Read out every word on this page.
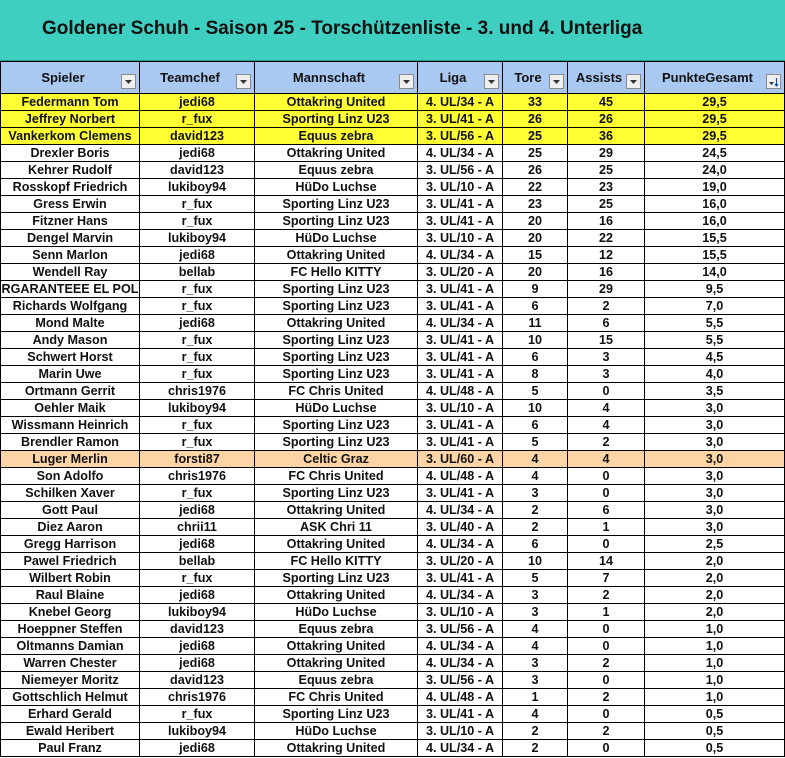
Goldener Schuh - Saison 25 - Torschützenliste - 3. und 4. Unterliga
Spieler	Teamchef	Mannschaft	Liga	Tore	Assists	PunkteGesamt

Federmann Tom	jedi68	Ottakring United	4. UL/34 - A	33	45	29,5
Jeffrey Norbert	r_fux	Sporting Linz U23	3. UL/41 - A	26	26	29,5
Vankerkom Clemens	david123	Equus zebra	3. UL/56 - A	25	36	29,5
Drexler Boris	jedi68	Ottakring United	4. UL/34 - A	25	29	24,5
Kehrer Rudolf	david123	Equus zebra	3. UL/56 - A	26	25	24,0
Rosskopf Friedrich	lukiboy94	HüDo Luchse	3. UL/10 - A	22	23	19,0
Gress Erwin	r_fux	Sporting Linz U23	3. UL/41 - A	23	25	16,0
Fitzner Hans	r_fux	Sporting Linz U23	3. UL/41 - A	20	16	16,0
Dengel Marvin	lukiboy94	HüDo Luchse	3. UL/10 - A	20	22	15,5
Senn Marlon	jedi68	Ottakring United	4. UL/34 - A	15	12	15,5
Wendell Ray	bellab	FC Hello KITTY	3. UL/20 - A	20	16	14,0
RGARANTEEE EL POL	r_fux	Sporting Linz U23	3. UL/41 - A	9	29	9,5
Richards Wolfgang	r_fux	Sporting Linz U23	3. UL/41 - A	6	2	7,0
Mond Malte	jedi68	Ottakring United	4. UL/34 - A	11	6	5,5
Andy Mason	r_fux	Sporting Linz U23	3. UL/41 - A	10	15	5,5
Schwert Horst	r_fux	Sporting Linz U23	3. UL/41 - A	6	3	4,5
Marin Uwe	r_fux	Sporting Linz U23	3. UL/41 - A	8	3	4,0
Ortmann Gerrit	chris1976	FC Chris United	4. UL/48 - A	5	0	3,5
Oehler Maik	lukiboy94	HüDo Luchse	3. UL/10 - A	10	4	3,0
Wissmann Heinrich	r_fux	Sporting Linz U23	3. UL/41 - A	6	4	3,0
Brendler Ramon	r_fux	Sporting Linz U23	3. UL/41 - A	5	2	3,0
Luger Merlin	forsti87	Celtic Graz	3. UL/60 - A	4	4	3,0
Son Adolfo	chris1976	FC Chris United	4. UL/48 - A	4	0	3,0
Schilken Xaver	r_fux	Sporting Linz U23	3. UL/41 - A	3	0	3,0
Gott Paul	jedi68	Ottakring United	4. UL/34 - A	2	6	3,0
Diez Aaron	chrii11	ASK Chri 11	3. UL/40 - A	2	1	3,0
Gregg Harrison	jedi68	Ottakring United	4. UL/34 - A	6	0	2,5
Pawel Friedrich	bellab	FC Hello KITTY	3. UL/20 - A	10	14	2,0
Wilbert Robin	r_fux	Sporting Linz U23	3. UL/41 - A	5	7	2,0
Raul Blaine	jedi68	Ottakring United	4. UL/34 - A	3	2	2,0
Knebel Georg	lukiboy94	HüDo Luchse	3. UL/10 - A	3	1	2,0
Hoeppner Steffen	david123	Equus zebra	3. UL/56 - A	4	0	1,0
Oltmanns Damian	jedi68	Ottakring United	4. UL/34 - A	4	0	1,0
Warren Chester	jedi68	Ottakring United	4. UL/34 - A	3	2	1,0
Niemeyer Moritz	david123	Equus zebra	3. UL/56 - A	3	0	1,0
Gottschlich Helmut	chris1976	FC Chris United	4. UL/48 - A	1	2	1,0
Erhard Gerald	r_fux	Sporting Linz U23	3. UL/41 - A	4	0	0,5
Ewald Heribert	lukiboy94	HüDo Luchse	3. UL/10 - A	2	2	0,5
Paul Franz	jedi68	Ottakring United	4. UL/34 - A	2	0	0,5
